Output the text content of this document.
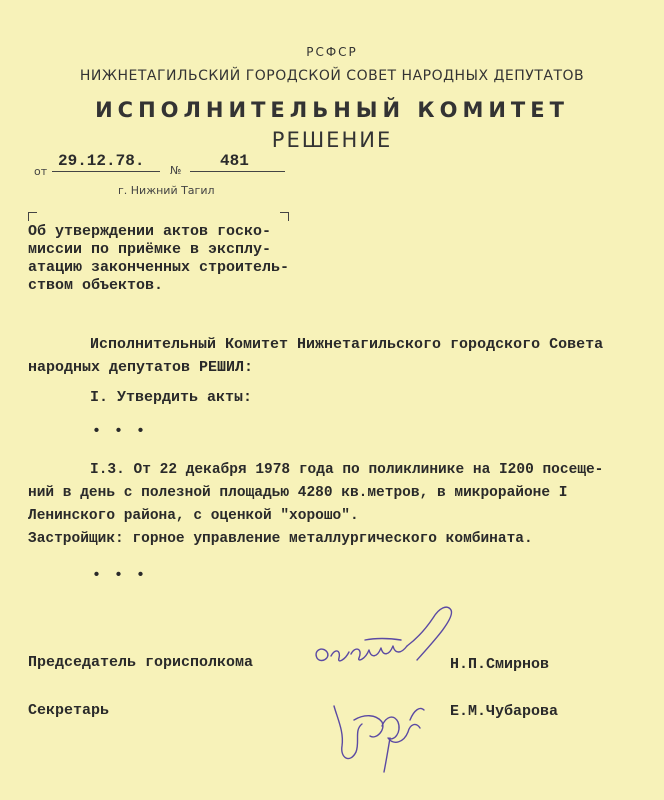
РСФСР
НИЖНЕТАГИЛЬСКИЙ ГОРОДСКОЙ СОВЕТ НАРОДНЫХ ДЕПУТАТОВ
ИСПОЛНИТЕЛЬНЫЙ КОМИТЕТ
РЕШЕНИЕ
от
29.12.78.
№
481
г. Нижний Тагил
Об утверждении актов госко-
миссии по приёмке в эксплу-
атацию законченных строитель-
ством объектов.
Исполнительный Комитет Нижнетагильского городского Совета
народных депутатов РЕШИЛ:
I. Утвердить акты:
• • •
I.3. От 22 декабря 1978 года по поликлинике на I200 посеще-
ний в день с полезной площадью 4280 кв.метров, в микрорайоне I
Ленинского района, с оценкой "хорошо".
Застройщик: горное управление металлургического комбината.
• • •
Председатель горисполкома	Н.П.Смирнов
Секретарь	Е.М.Чубарова
